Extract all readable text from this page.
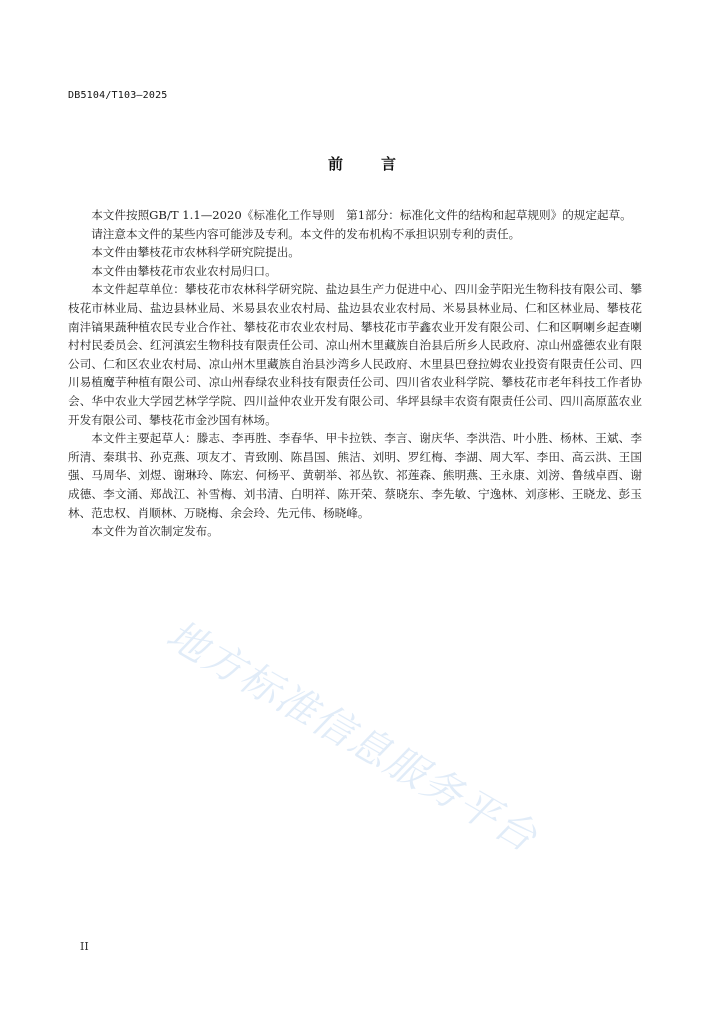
DB5104/T103—2025
前	言

本文件按照GB/T 1.1—2020《标准化工作导则　第1部分：标准化文件的结构和起草规则》的规定起草。

请注意本文件的某些内容可能涉及专利。本文件的发布机构不承担识别专利的责任。

本文件由攀枝花市农林科学研究院提出。

本文件由攀枝花市农业农村局归口。

本文件起草单位：攀枝花市农林科学研究院、盐边县生产力促进中心、四川金芋阳光生物科技有限公司、攀枝花市林业局、盐边县林业局、米易县农业农村局、盐边县农业农村局、米易县林业局、仁和区林业局、攀枝花南沣镐果蔬种植农民专业合作社、攀枝花市农业农村局、攀枝花市芋鑫农业开发有限公司、仁和区啊喇乡起查喇村村民委员会、红河滇宏生物科技有限责任公司、凉山州木里藏族自治县后所乡人民政府、凉山州盛德农业有限公司、仁和区农业农村局、凉山州木里藏族自治县沙湾乡人民政府、木里县巴登拉姆农业投资有限责任公司、四川易植魔芋种植有限公司、凉山州春绿农业科技有限责任公司、四川省农业科学院、攀枝花市老年科技工作者协会、华中农业大学园艺林学学院、四川益仲农业开发有限公司、华坪县绿丰农资有限责任公司、四川高原蓝农业开发有限公司、攀枝花市金沙国有林场。

本文件主要起草人：滕志、李再胜、李春华、甲卡拉铁、李言、谢庆华、李洪浩、叶小胜、杨林、王斌、李所清、秦琪书、孙克燕、项友才、青致刚、陈昌国、熊洁、刘明、罗红梅、李湖、周大军、李田、高云洪、王国强、马周华、刘煜、谢琳玲、陈宏、何杨平、黄朝举、祁丛钦、祁莲森、熊明燕、王永康、刘滂、鲁绒卓酉、谢成德、李文涌、郑战江、补雪梅、刘书清、白明祥、陈开荣、蔡晓东、李先敏、宁逸林、刘彦彬、王晓龙、彭玉林、范忠权、肖顺林、万晓梅、余会玲、先元伟、杨晓峰。

本文件为首次制定发布。

地方标准信息服务平台
II
